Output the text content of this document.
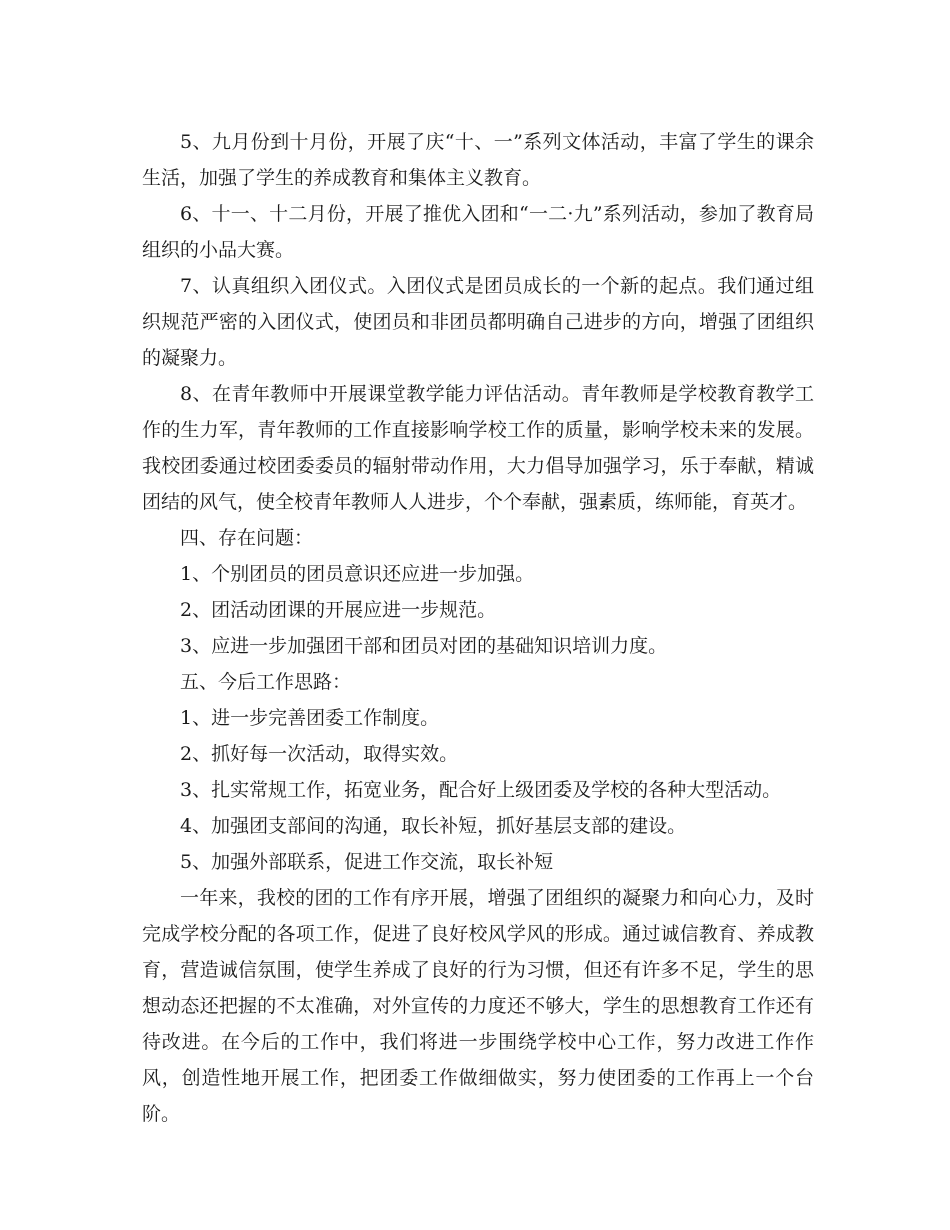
5、九月份到十月份，开展了庆“十、一”系列文体活动，丰富了学生的课余生活，加强了学生的养成教育和集体主义教育。

6、十一、十二月份，开展了推优入团和“一二·九”系列活动，参加了教育局组织的小品大赛。

7、认真组织入团仪式。入团仪式是团员成长的一个新的起点。我们通过组织规范严密的入团仪式，使团员和非团员都明确自己进步的方向，增强了团组织的凝聚力。

8、在青年教师中开展课堂教学能力评估活动。青年教师是学校教育教学工作的生力军，青年教师的工作直接影响学校工作的质量，影响学校未来的发展。我校团委通过校团委委员的辐射带动作用，大力倡导加强学习，乐于奉献，精诚团结的风气，使全校青年教师人人进步，个个奉献，强素质，练师能，育英才。

四、存在问题：

1、个别团员的团员意识还应进一步加强。

2、团活动团课的开展应进一步规范。

3、应进一步加强团干部和团员对团的基础知识培训力度。

五、今后工作思路：

1、进一步完善团委工作制度。

2、抓好每一次活动，取得实效。

3、扎实常规工作，拓宽业务，配合好上级团委及学校的各种大型活动。

4、加强团支部间的沟通，取长补短，抓好基层支部的建设。

5、加强外部联系，促进工作交流，取长补短

一年来，我校的团的工作有序开展，增强了团组织的凝聚力和向心力，及时完成学校分配的各项工作，促进了良好校风学风的形成。通过诚信教育、养成教育，营造诚信氛围，使学生养成了良好的行为习惯，但还有许多不足，学生的思想动态还把握的不太准确，对外宣传的力度还不够大，学生的思想教育工作还有待改进。在今后的工作中，我们将进一步围绕学校中心工作，努力改进工作作风，创造性地开展工作，把团委工作做细做实，努力使团委的工作再上一个台阶。
